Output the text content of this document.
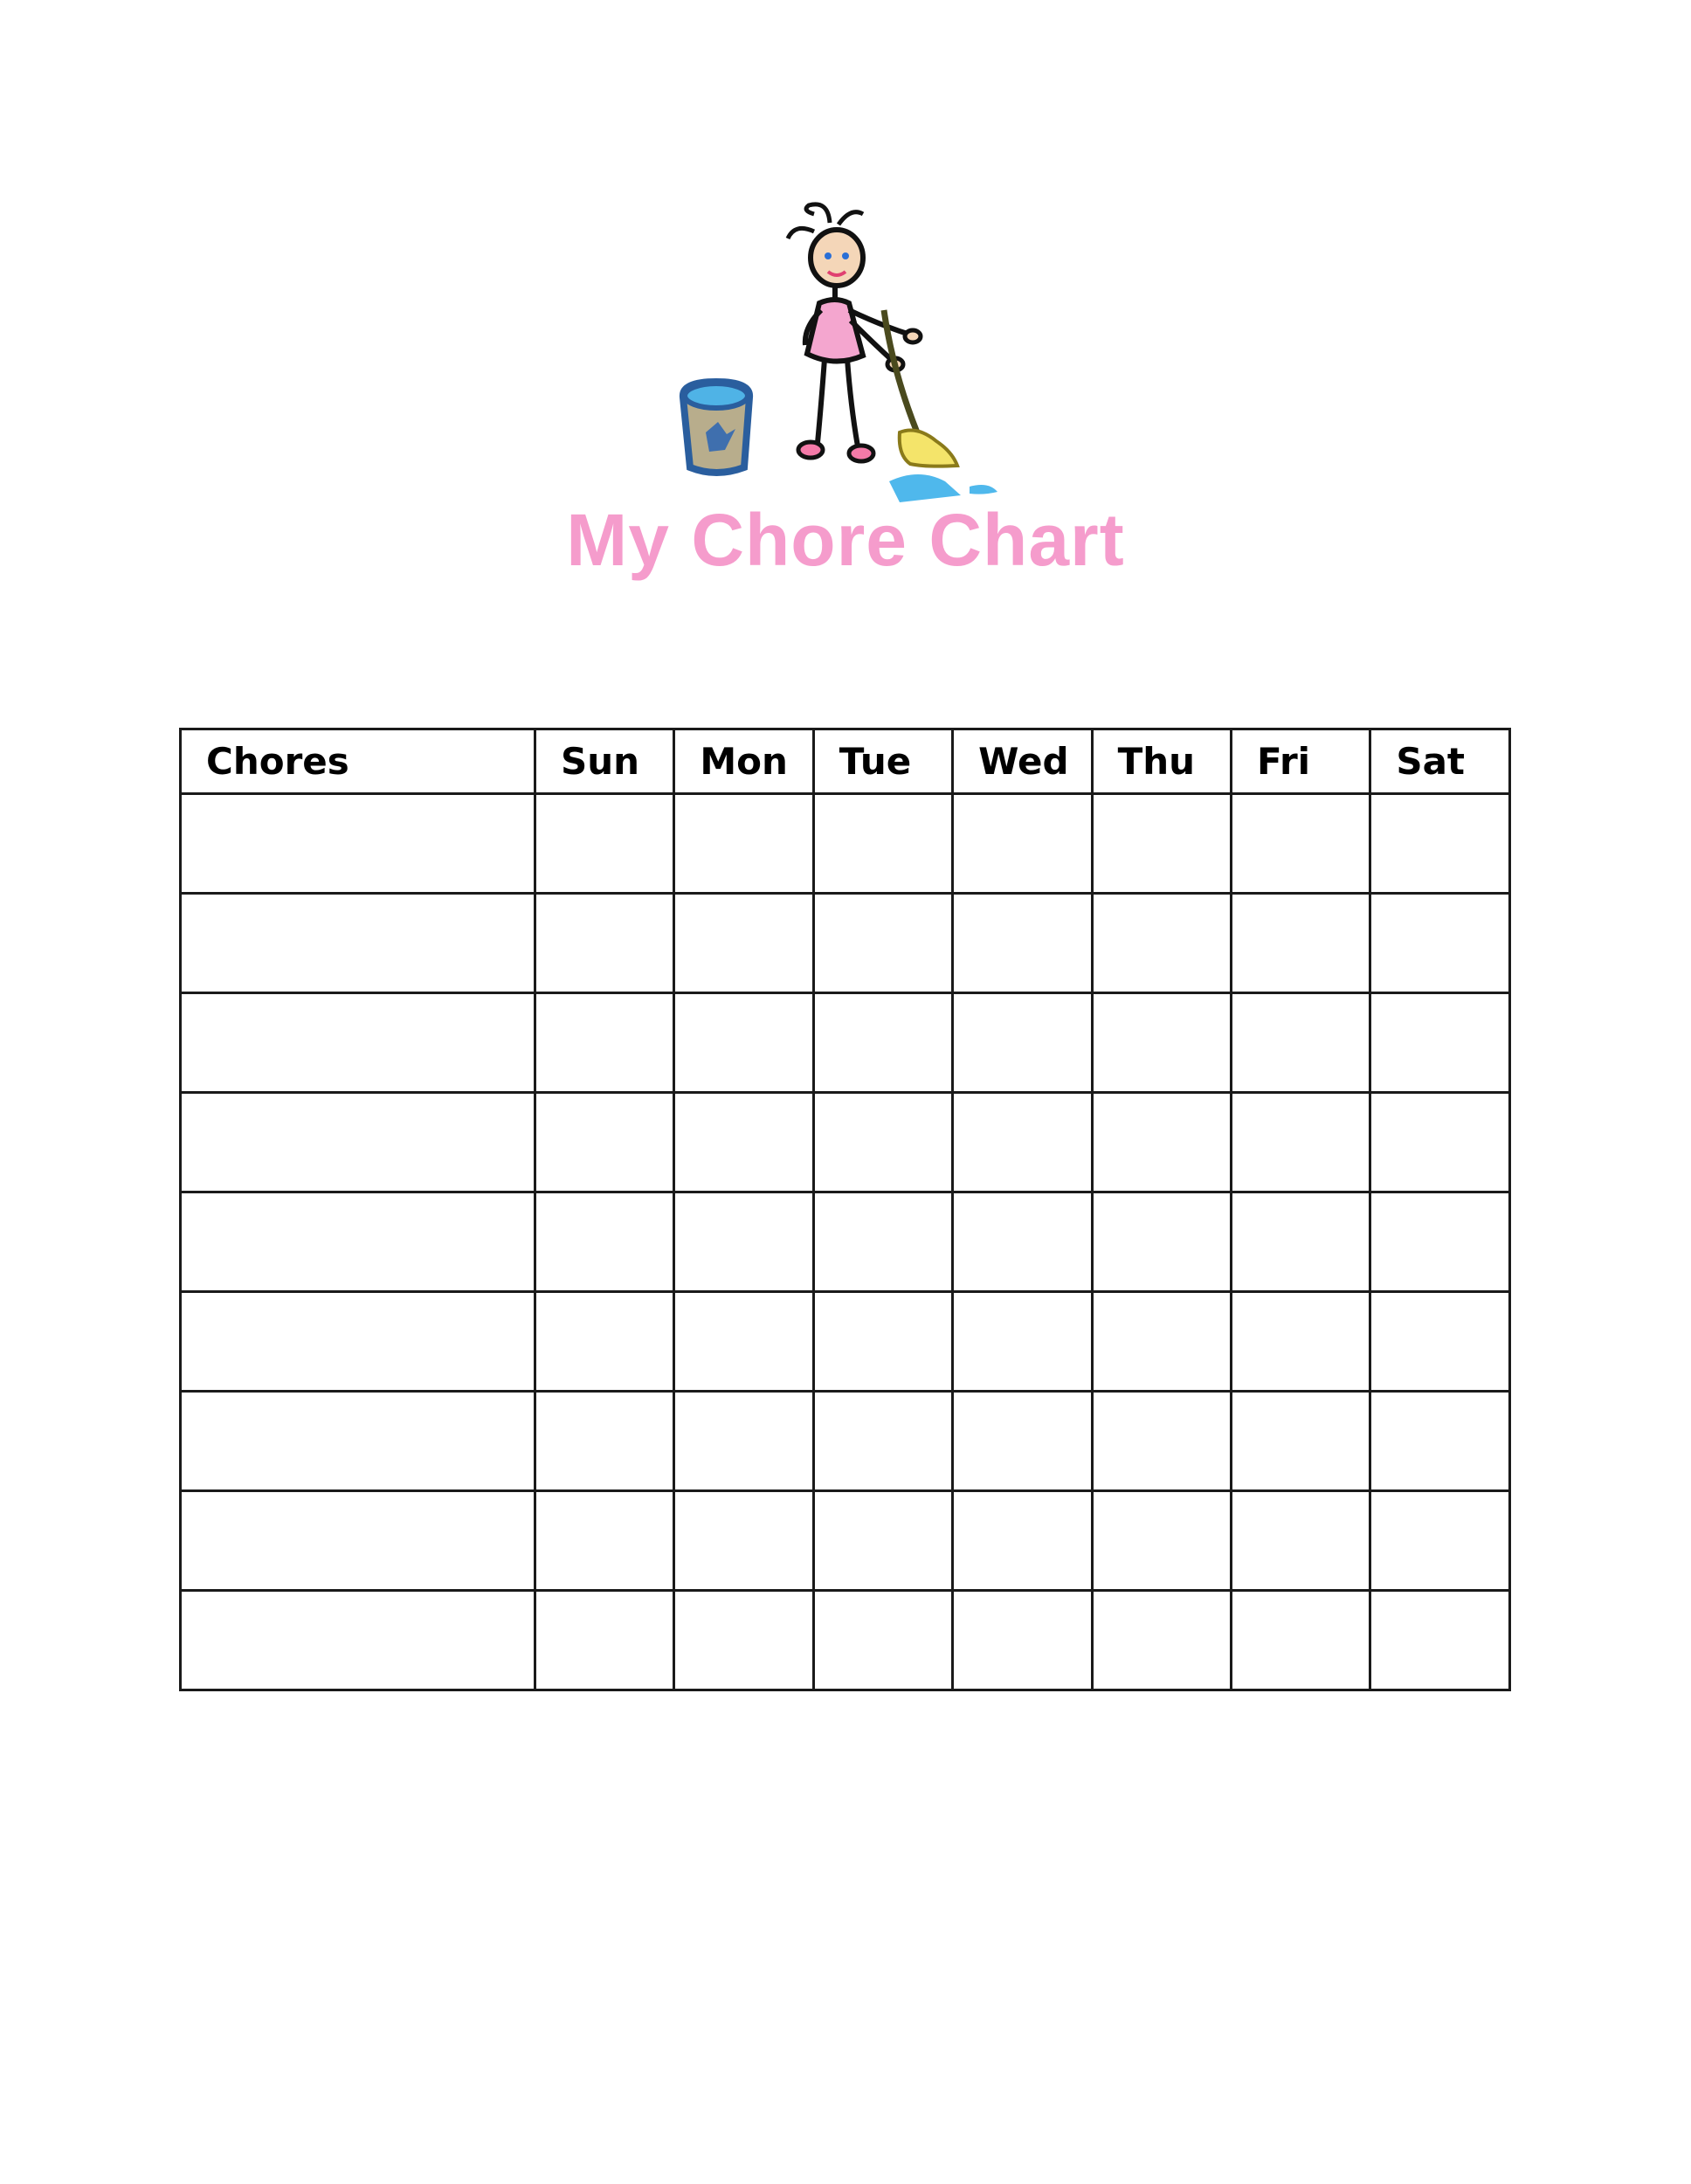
My Chore Chart
Chores	Sun	Mon	Tue	Wed	Thu	Fri	Sat
